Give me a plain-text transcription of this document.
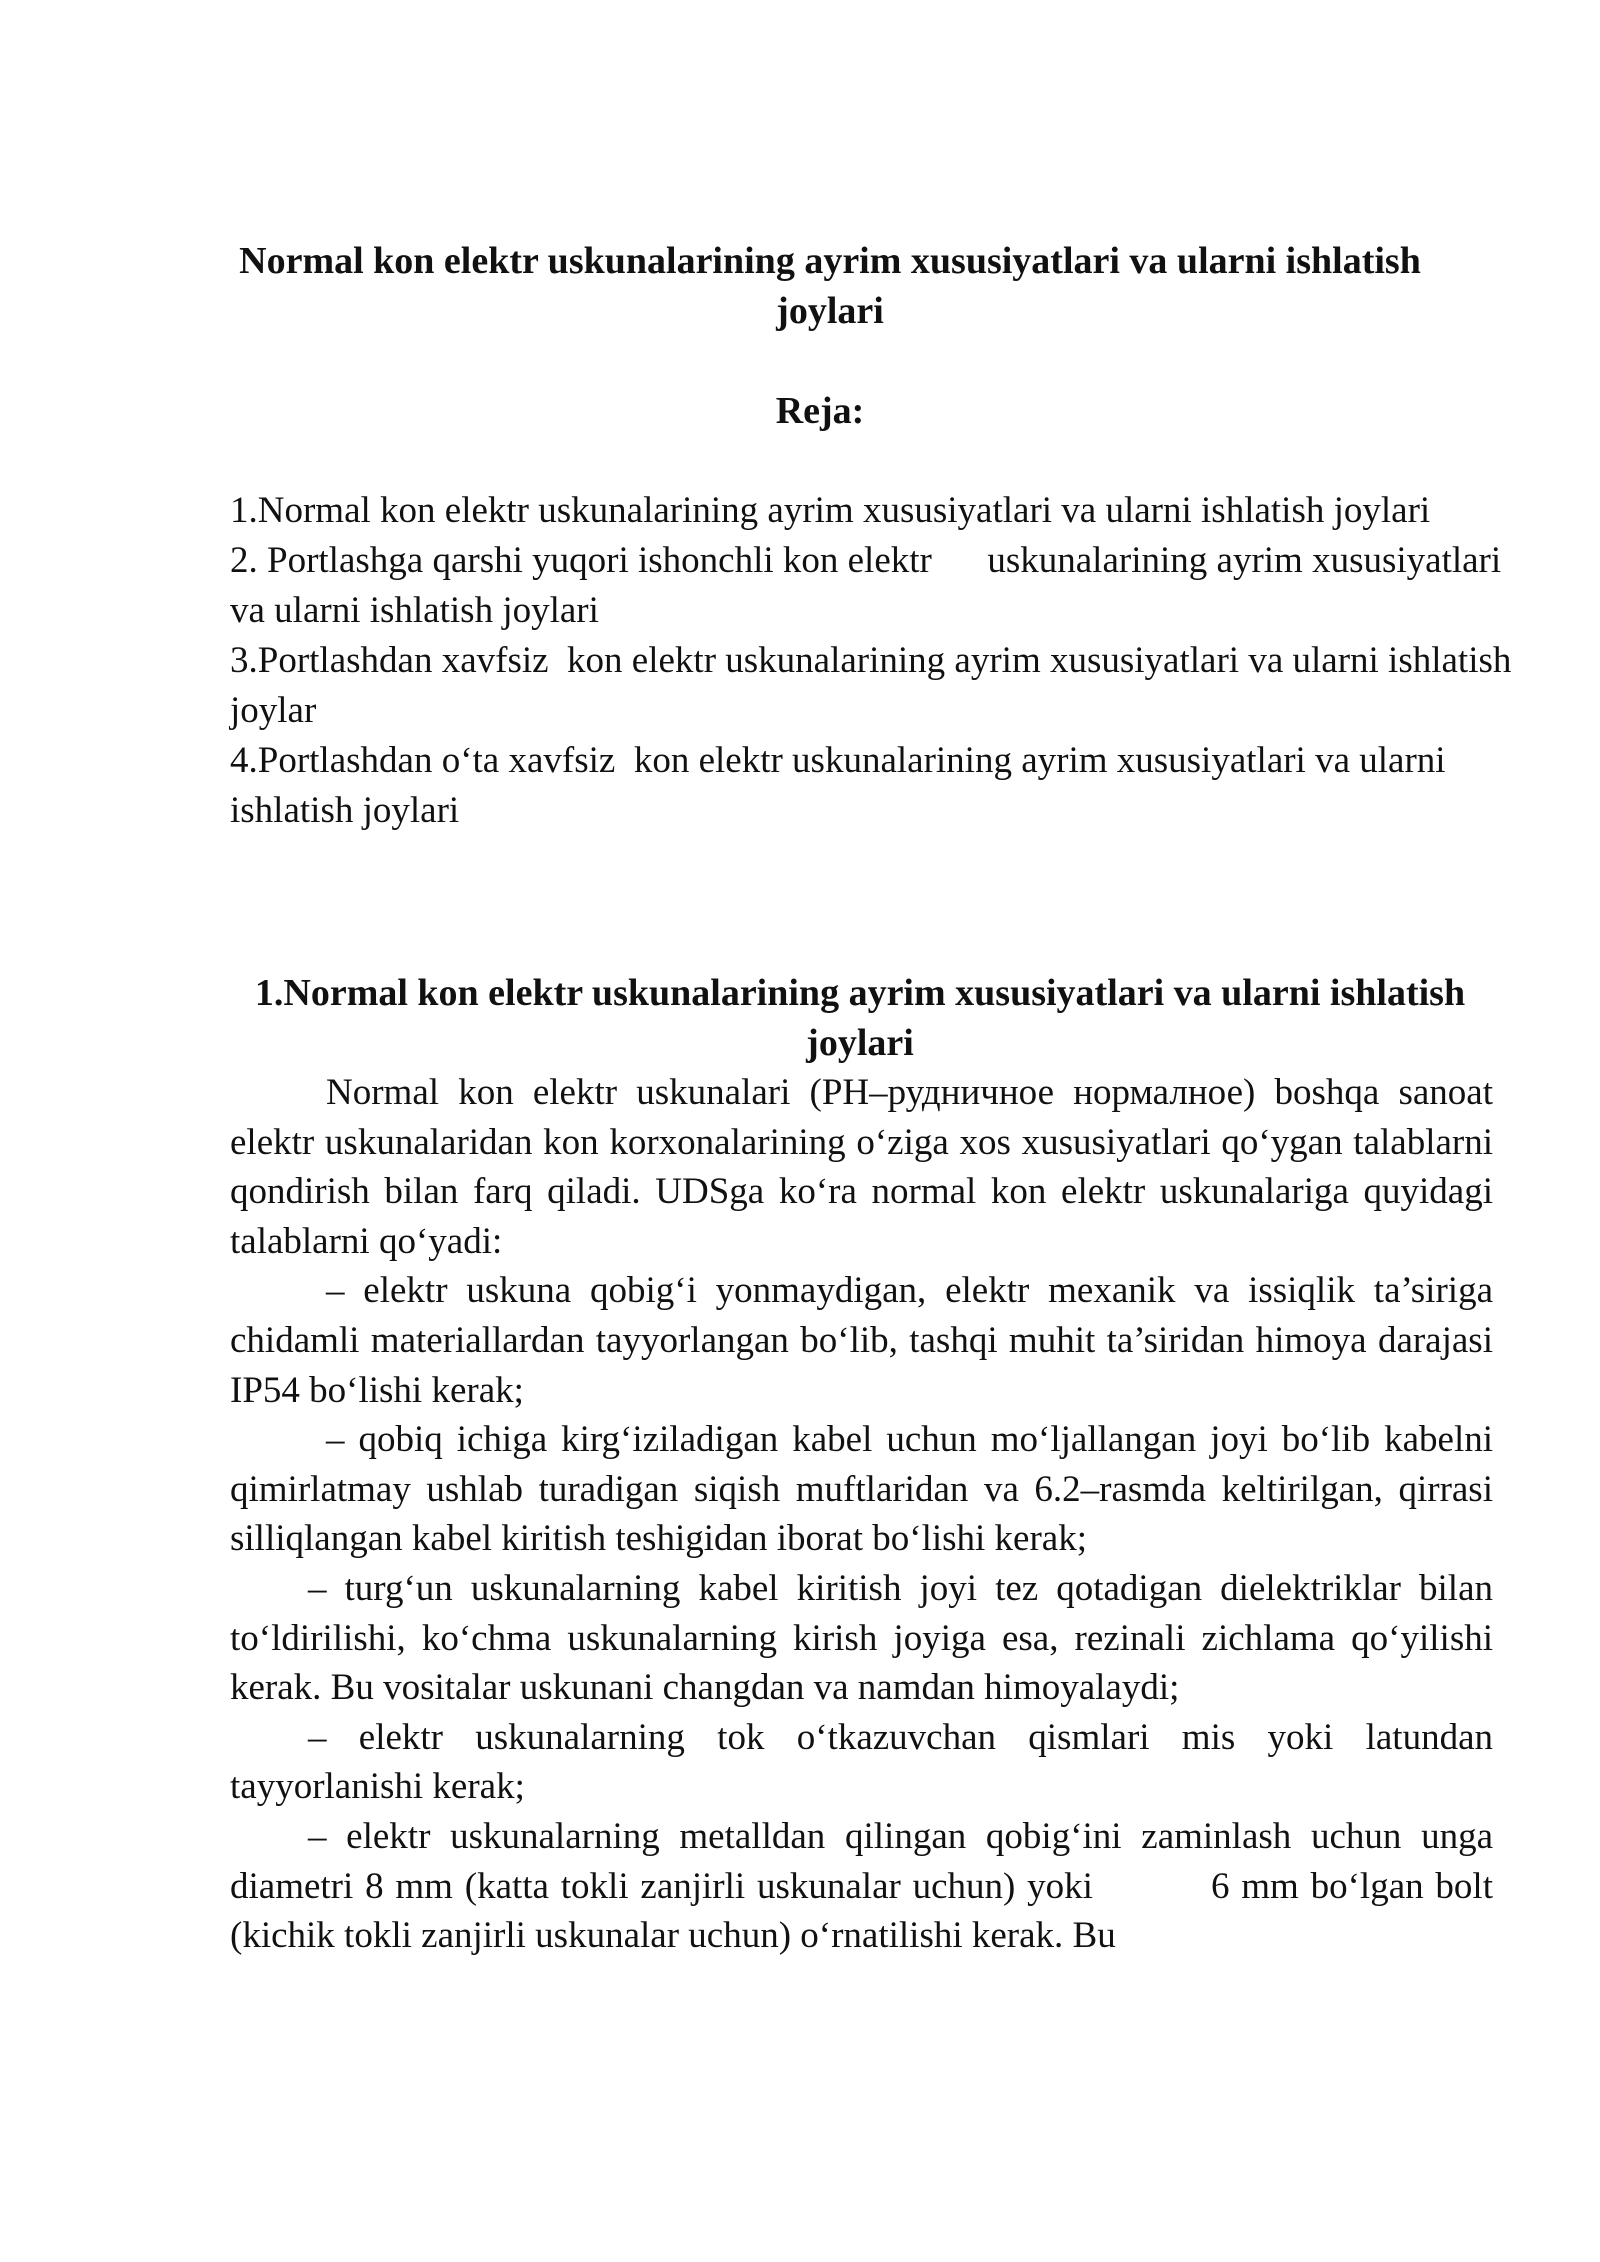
Normal kon elektr uskunalarining ayrim xususiyatlari va ularni ishlatish joylari
Reja:
1.Normal kon elektr uskunalarining ayrim xususiyatlari va ularni ishlatish joylari
2. Portlashga qarshi yuqori ishonchli kon elektr      uskunalarining ayrim xususiyatlari va ularni ishlatish joylari
3.Portlashdan xavfsiz  kon elektr uskunalarining ayrim xususiyatlari va ularni ishlatish joylar
4.Portlashdan o‘ta xavfsiz  kon elektr uskunalarining ayrim xususiyatlari va ularni ishlatish joylari
1.Normal kon elektr uskunalarining ayrim xususiyatlari va ularni ishlatish joylari

Normal kon elektr uskunalari (РН–рудничное нормалное) boshqa sanoat elektr uskunalaridan kon korxonalarining o‘ziga xos xususiyatlari qo‘ygan talablarni qondirish bilan farq qiladi. UDSga ko‘ra normal kon elektr uskunalariga quyidagi talablarni qo‘yadi:

– elektr uskuna qobig‘i yonmaydigan, elektr mexanik va issiqlik ta’siriga chidamli materiallardan tayyorlangan bo‘lib, tashqi muhit ta’siridan himoya darajasi IP54 bo‘lishi kerak;

– qobiq ichiga kirg‘iziladigan kabel uchun mo‘ljallangan joyi bo‘lib kabelni qimirlatmay ushlab turadigan siqish muftlaridan va 6.2–rasmda keltirilgan, qirrasi silliqlangan kabel kiritish teshigidan iborat bo‘lishi kerak;

– turg‘un uskunalarning kabel kiritish joyi tez qotadigan dielektriklar bilan to‘ldirilishi, ko‘chma uskunalarning kirish joyiga esa, rezinali zichlama qo‘yilishi kerak. Bu vositalar uskunani changdan va namdan himoyalaydi;

– elektr uskunalarning tok o‘tkazuvchan qismlari mis yoki latundan tayyorlanishi kerak;

– elektr uskunalarning metalldan qilingan qobig‘ini zaminlash uchun unga diametri 8 mm (katta tokli zanjirli uskunalar uchun) yoki          6 mm bo‘lgan bolt (kichik tokli zanjirli uskunalar uchun) o‘rnatilishi kerak. Bu
